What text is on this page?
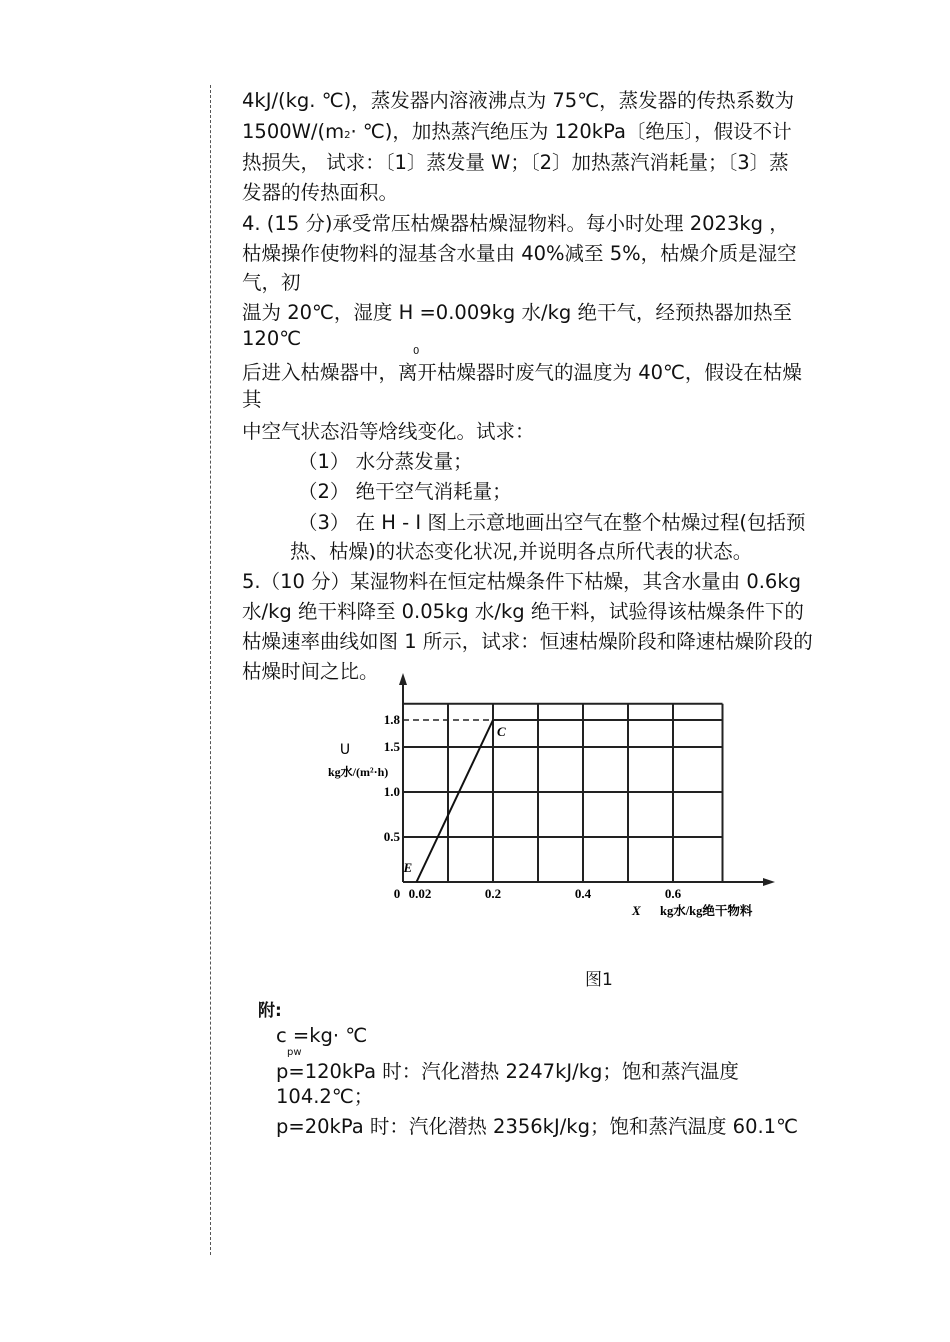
4kJ/(kg. ℃)，蒸发器内溶液沸点为 75℃，蒸发器的传热系数为
1500W/(m2· ℃)，加热蒸汽绝压为 120kPa〔绝压〕，假设不计
热损失， 试求：〔1〕蒸发量 W；〔2〕加热蒸汽消耗量；〔3〕蒸
发器的传热面积。
4. (15 分)承受常压枯燥器枯燥湿物料。每小时处理 2023kg ，
枯燥操作使物料的湿基含水量由 40%减至 5%，枯燥介质是湿空
气，初
温为 20℃，湿度 H =0.009kg 水/kg 绝干气，经预热器加热至
120℃
0
后进入枯燥器中，离开枯燥器时废气的温度为 40℃，假设在枯燥
其
中空气状态沿等焓线变化。试求：
（1） 水分蒸发量；
（2） 绝干空气消耗量；
（3） 在 H - I 图上示意地画出空气在整个枯燥过程(包括预
热、枯燥)的状态变化状况,并说明各点所代表的状态。
5.（10 分）某湿物料在恒定枯燥条件下枯燥，其含水量由 0.6kg
水/kg 绝干料降至 0.05kg 水/kg 绝干料，试验得该枯燥条件下的
枯燥速率曲线如图 1 所示，试求：恒速枯燥阶段和降速枯燥阶段的
枯燥时间之比。
0 0.02	0.2	0.4	0.6
0.5
1.0
1.5
1.8
E
C
U
kg水/(m²·h)
X kg水/kg绝干物料
图1
附:
c =kg· ℃
pw
p=120kPa 时：汽化潜热 2247kJ/kg；饱和蒸汽温度
104.2℃；
p=20kPa 时：汽化潜热 2356kJ/kg；饱和蒸汽温度 60.1℃
